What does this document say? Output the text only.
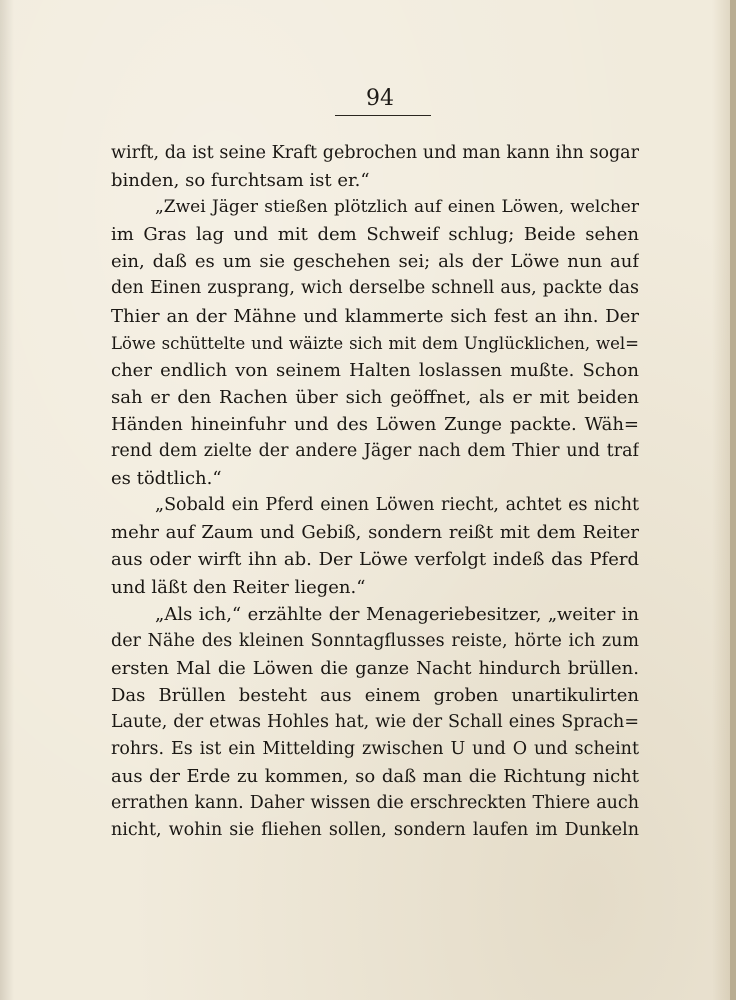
94
wirft, da ist seine Kraft gebrochen und man kann ihn sogar
binden, so furchtsam ist er.“
„Zwei Jäger stießen plötzlich auf einen Löwen, welcher
im Gras lag und mit dem Schweif schlug; Beide sehen
ein, daß es um sie geschehen sei; als der Löwe nun auf
den Einen zusprang, wich derselbe schnell aus, packte das
Thier an der Mähne und klammerte sich fest an ihn. Der
Löwe schüttelte und wäizte sich mit dem Unglücklichen, wel=
cher endlich von seinem Halten loslassen mußte. Schon
sah er den Rachen über sich geöffnet, als er mit beiden
Händen hineinfuhr und des Löwen Zunge packte. Wäh=
rend dem zielte der andere Jäger nach dem Thier und traf
es tödtlich.“
„Sobald ein Pferd einen Löwen riecht, achtet es nicht
mehr auf Zaum und Gebiß, sondern reißt mit dem Reiter
aus oder wirft ihn ab. Der Löwe verfolgt indeß das Pferd
und läßt den Reiter liegen.“
„Als ich,“ erzählte der Menageriebesitzer, „weiter in
der Nähe des kleinen Sonntagflusses reiste, hörte ich zum
ersten Mal die Löwen die ganze Nacht hindurch brüllen.
Das Brüllen besteht aus einem groben unartikulirten
Laute, der etwas Hohles hat, wie der Schall eines Sprach=
rohrs. Es ist ein Mittelding zwischen U und O und scheint
aus der Erde zu kommen, so daß man die Richtung nicht
errathen kann. Daher wissen die erschreckten Thiere auch
nicht, wohin sie fliehen sollen, sondern laufen im Dunkeln
